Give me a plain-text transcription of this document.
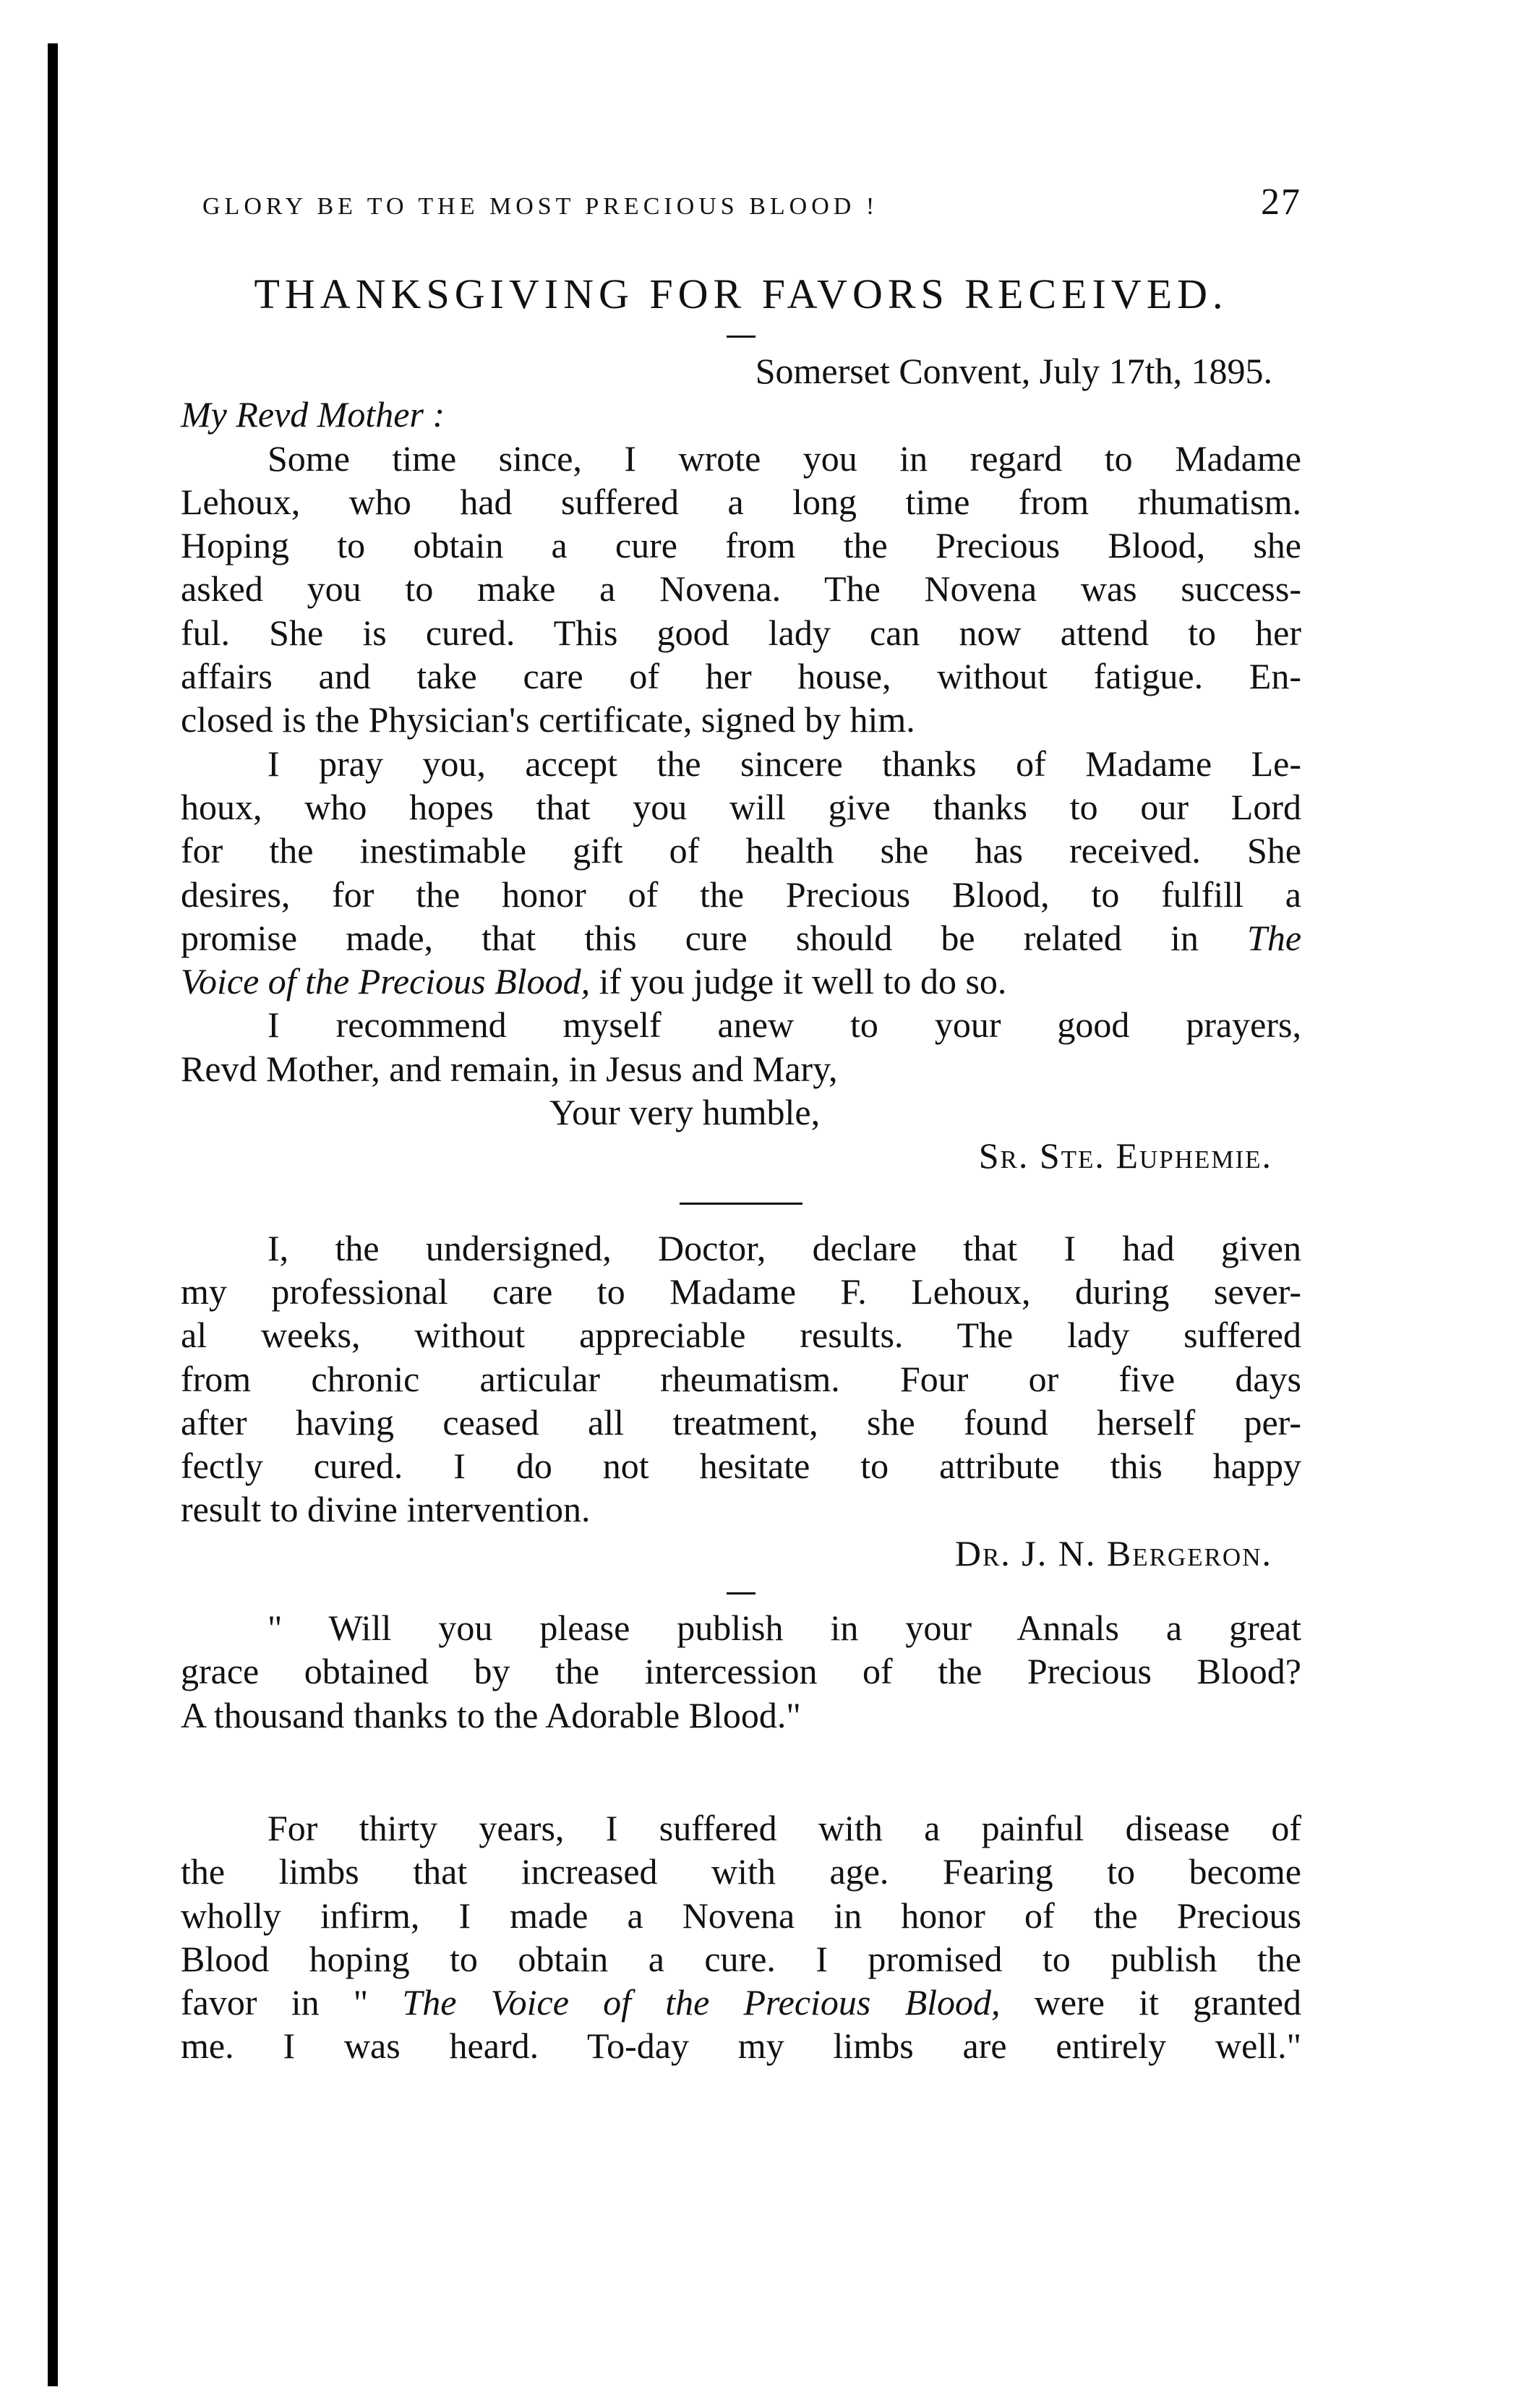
GLORY BE TO THE MOST PRECIOUS BLOOD !	27
THANKSGIVING FOR FAVORS RECEIVED.
Somerset Convent, July 17th, 1895.
My Revd Mother :
Some time since, I wrote you in regard to Madame
Lehoux, who had suffered a long time from rhumatism.
Hoping to obtain a cure from the Precious Blood, she
asked you to make a Novena. The Novena was success-
ful. She is cured. This good lady can now attend to her
affairs and take care of her house, without fatigue. En-
closed is the Physician's certificate, signed by him.
I pray you, accept the sincere thanks of Madame Le-
houx, who hopes that you will give thanks to our Lord
for the inestimable gift of health she has received. She
desires, for the honor of the Precious Blood, to fulfill a
promise made, that this cure should be related in The
Voice of the Precious Blood, if you judge it well to do so.
I recommend myself anew to your good prayers,
Revd Mother, and remain, in Jesus and Mary,
Your very humble,
Sr. Ste. Euphemie.
I, the undersigned, Doctor, declare that I had given
my professional care to Madame F. Lehoux, during sever-
al weeks, without appreciable results. The lady suffered
from chronic articular rheumatism. Four or five days
after having ceased all treatment, she found herself per-
fectly cured. I do not hesitate to attribute this happy
result to divine intervention.
Dr. J. N. Bergeron.
" Will you please publish in your Annals a great
grace obtained by the intercession of the Precious Blood?
A thousand thanks to the Adorable Blood."
For thirty years, I suffered with a painful disease of
the limbs that increased with age. Fearing to become
wholly infirm, I made a Novena in honor of the Precious
Blood hoping to obtain a cure. I promised to publish the
favor in " The Voice of the Precious Blood, were it granted
me. I was heard. To-day my limbs are entirely well."
